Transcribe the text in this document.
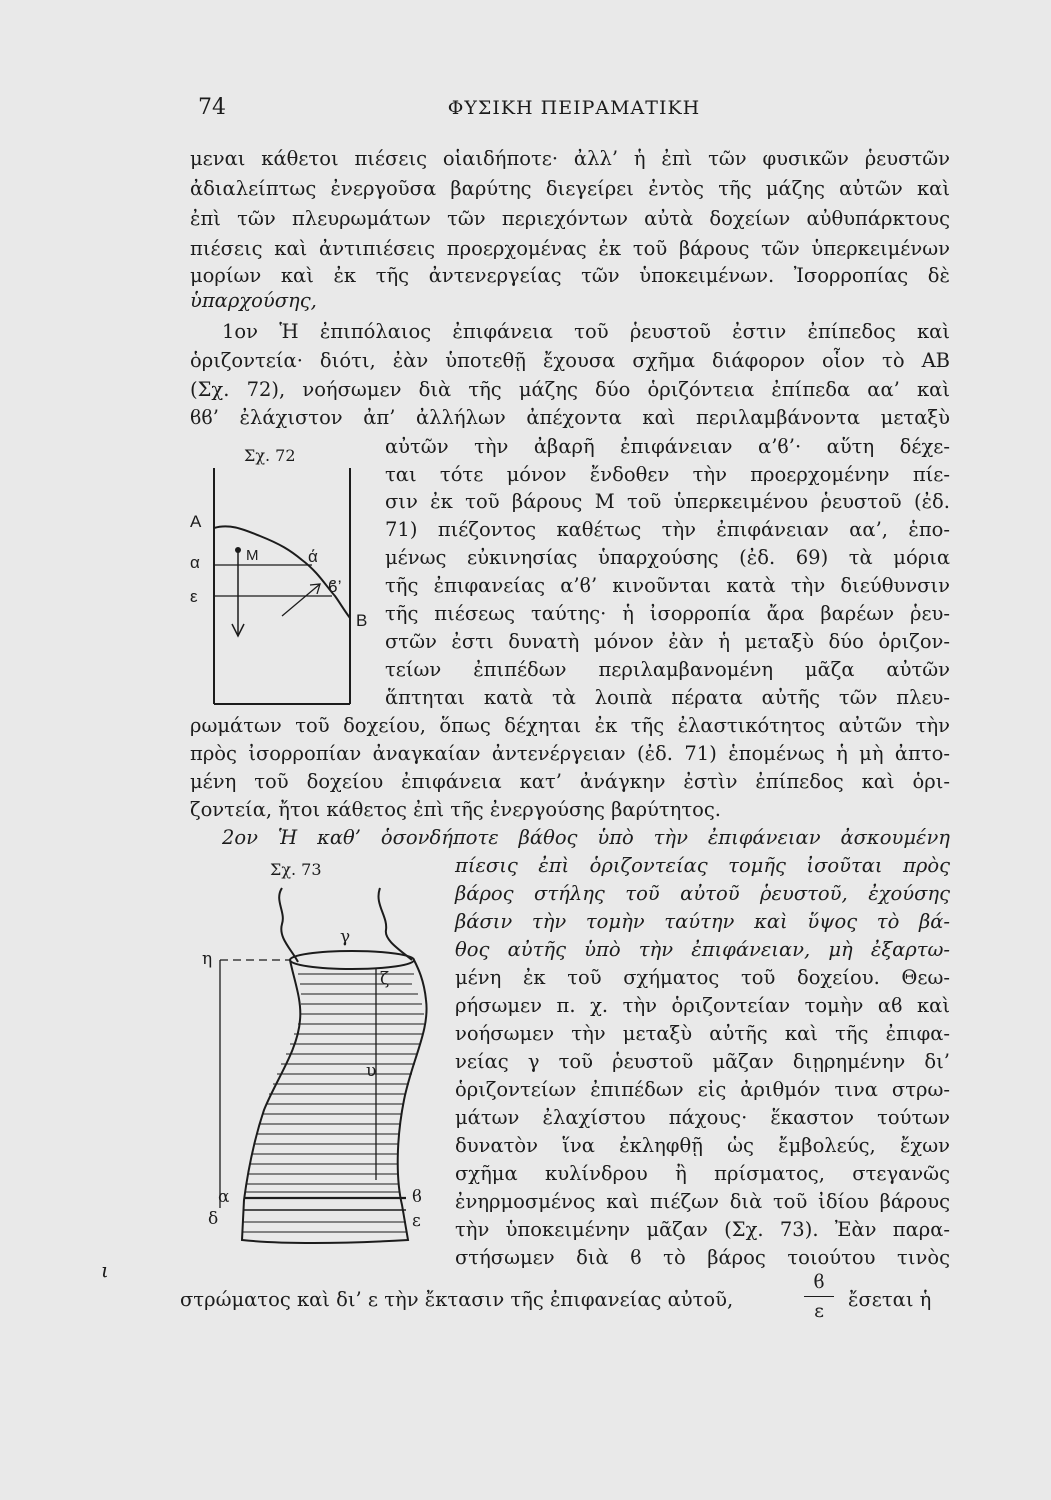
74	ΦΥΣΙΚΗ ΠΕΙΡΑΜΑΤΙΚΗ

μεναι κάθετοι πιέσεις οἱαιδήποτε· ἀλλ’ ἡ ἐπὶ τῶν φυσικῶν ῥευστῶν

ἀδιαλείπτως ἐνεργοῦσα βαρύτης διεγείρει ἐντὸς τῆς μάζης αὐτῶν καὶ

ἐπὶ τῶν πλευρωμάτων τῶν περιεχόντων αὐτὰ δοχείων αὐθυπάρκτους

πιέσεις καὶ ἀντιπιέσεις προερχομένας ἐκ τοῦ βάρους τῶν ὑπερκειμένων

μορίων καὶ ἐκ τῆς ἀντενεργείας τῶν ὑποκειμένων. Ἰσορροπίας δὲ

ὑπαρχούσης,

1ον Ἡ ἐπιπόλαιος ἐπιφάνεια τοῦ ῥευστοῦ ἐστιν ἐπίπεδος καὶ

ὁριζοντεία· διότι, ἐὰν ὑποτεθῇ ἔχουσα σχῆμα διάφορον οἷον τὸ ΑΒ

(Σχ. 72), νοήσωμεν διὰ τῆς μάζης δύο ὁριζόντεια ἐπίπεδα αα’ καὶ

ϐϐ’ ἐλάχιστον ἀπ’ ἀλλήλων ἀπέχοντα καὶ περιλαμβάνοντα μεταξὺ

αὐτῶν τὴν ἀβαρῆ ἐπιφάνειαν α’ϐ’· αὕτη δέχε-

ται τότε μόνον ἔνδοθεν τὴν προερχομένην πίε-

σιν ἐκ τοῦ βάρους Μ τοῦ ὑπερκειμένου ῥευστοῦ (ἐδ.

71) πιέζοντος καθέτως τὴν ἐπιφάνειαν αα’, ἑπο-

μένως εὐκινησίας ὑπαρχούσης (ἐδ. 69) τὰ μόρια

τῆς ἐπιφανείας α’ϐ’ κινοῦνται κατὰ τὴν διεύθυνσιν

τῆς πιέσεως ταύτης· ἡ ἰσορροπία ἄρα βαρέων ῥευ-

στῶν ἐστι δυνατὴ μόνον ἐὰν ἡ μεταξὺ δύο ὁριζον-

τείων ἐπιπέδων περιλαμβανομένη μᾶζα αὐτῶν

ἅπτηται κατὰ τὰ λοιπὰ πέρατα αὐτῆς τῶν πλευ-

ρωμάτων τοῦ δοχείου, ὅπως δέχηται ἐκ τῆς ἐλαστικότητος αὐτῶν τὴν

πρὸς ἰσορροπίαν ἀναγκαίαν ἀντενέργειαν (ἐδ. 71) ἑπομένως ἡ μὴ ἀπτο-

μένη τοῦ δοχείου ἐπιφάνεια κατ’ ἀνάγκην ἐστὶν ἐπίπεδος καὶ ὁρι-

ζοντεία, ἤτοι κάθετος ἐπὶ τῆς ἐνεργούσης βαρύτητος.

2ον Ἡ καθ’ ὁσονδήποτε βάθος ὑπὸ τὴν ἐπιφάνειαν ἀσκουμένη

πίεσις ἐπὶ ὁριζοντείας τομῆς ἰσοῦται πρὸς

βάρος στήλης τοῦ αὐτοῦ ῥευστοῦ, ἐχούσης

βάσιν τὴν τομὴν ταύτην καὶ ὕψος τὸ βά-

θος αὐτῆς ὑπὸ τὴν ἐπιφάνειαν, μὴ ἐξαρτω-

μένη ἐκ τοῦ σχήματος τοῦ δοχείου. Θεω-

ρήσωμεν π. χ. τὴν ὁριζοντείαν τομὴν αϐ καὶ

νοήσωμεν τὴν μεταξὺ αὐτῆς καὶ τῆς ἐπιφα-

νείας γ τοῦ ῥευστοῦ μᾶζαν διῃρημένην δι’

ὁριζοντείων ἐπιπέδων εἰς ἀριθμόν τινα στρω-

μάτων ἐλαχίστου πάχους· ἕκαστον τούτων

δυνατὸν ἵνα ἐκληφθῇ ὡς ἔμβολεύς, ἔχων

σχῆμα κυλίνδρου ἢ πρίσματος, στεγανῶς

ἐνηρμοσμένος καὶ πιέζων διὰ τοῦ ἰδίου βάρους

τὴν ὑποκειμένην μᾶζαν (Σχ. 73). Ἐὰν παρα-

στήσωμεν διὰ ϐ τὸ βάρος τοιούτου τινὸς

στρώματος καὶ δι’ ε τὴν ἔκτασιν τῆς ἐπιφανείας αὐτοῦ,	ἔσεται ἡ
ϐ
ε
Σχ. 72
Α
α
ε
Μ	ά
ϐ’
Β
Σχ. 73
γ
η
ζ
υ
α
δ
ϐ
ε
ι
